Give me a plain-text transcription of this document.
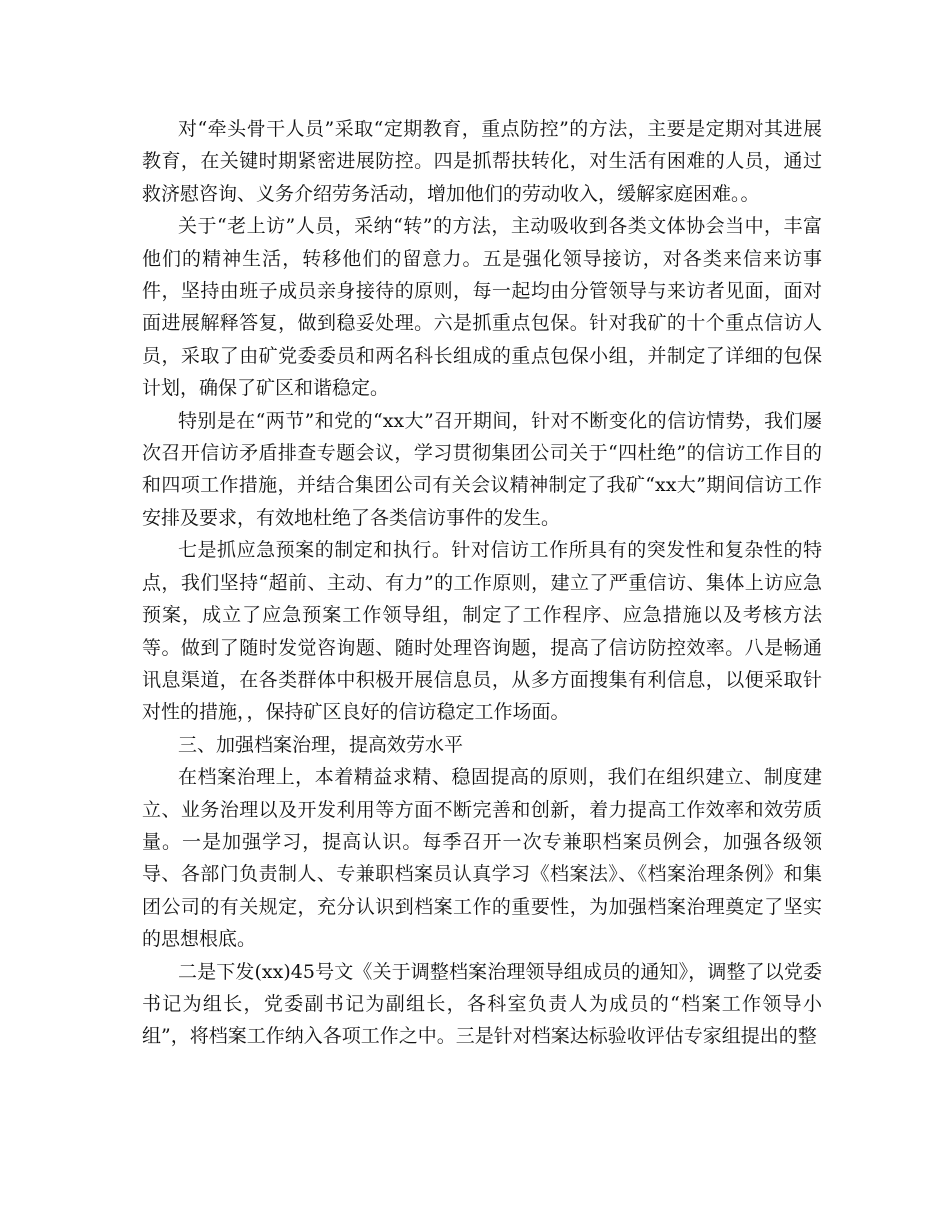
对“牵头骨干人员”采取“定期教育，重点防控”的方法，主要是定期对其进展教育，在关键时期紧密进展防控。四是抓帮扶转化，对生活有困难的人员，通过救济慰咨询、义务介绍劳务活动，增加他们的劳动收入，缓解家庭困难。。

关于“老上访”人员，采纳“转”的方法，主动吸收到各类文体协会当中，丰富他们的精神生活，转移他们的留意力。五是强化领导接访，对各类来信来访事件，坚持由班子成员亲身接待的原则，每一起均由分管领导与来访者见面，面对面进展解释答复，做到稳妥处理。六是抓重点包保。针对我矿的十个重点信访人员，采取了由矿党委委员和两名科长组成的重点包保小组，并制定了详细的包保计划，确保了矿区和谐稳定。

特别是在“两节”和党的“xx大”召开期间，针对不断变化的信访情势，我们屡次召开信访矛盾排查专题会议，学习贯彻集团公司关于“四杜绝”的信访工作目的和四项工作措施，并结合集团公司有关会议精神制定了我矿“xx大”期间信访工作安排及要求，有效地杜绝了各类信访事件的发生。

七是抓应急预案的制定和执行。针对信访工作所具有的突发性和复杂性的特点，我们坚持“超前、主动、有力”的工作原则，建立了严重信访、集体上访应急预案，成立了应急预案工作领导组，制定了工作程序、应急措施以及考核方法等。做到了随时发觉咨询题、随时处理咨询题，提高了信访防控效率。八是畅通讯息渠道，在各类群体中积极开展信息员，从多方面搜集有利信息，以便采取针对性的措施，，保持矿区良好的信访稳定工作场面。

三、加强档案治理，提高效劳水平

在档案治理上，本着精益求精、稳固提高的原则，我们在组织建立、制度建立、业务治理以及开发利用等方面不断完善和创新，着力提高工作效率和效劳质量。一是加强学习，提高认识。每季召开一次专兼职档案员例会，加强各级领导、各部门负责制人、专兼职档案员认真学习《档案法》、《档案治理条例》和集团公司的有关规定，充分认识到档案工作的重要性，为加强档案治理奠定了坚实的思想根底。

二是下发(xx)45号文《关于调整档案治理领导组成员的通知》，调整了以党委书记为组长，党委副书记为副组长，各科室负责人为成员的“档案工作领导小组”，将档案工作纳入各项工作之中。三是针对档案达标验收评估专家组提出的整
